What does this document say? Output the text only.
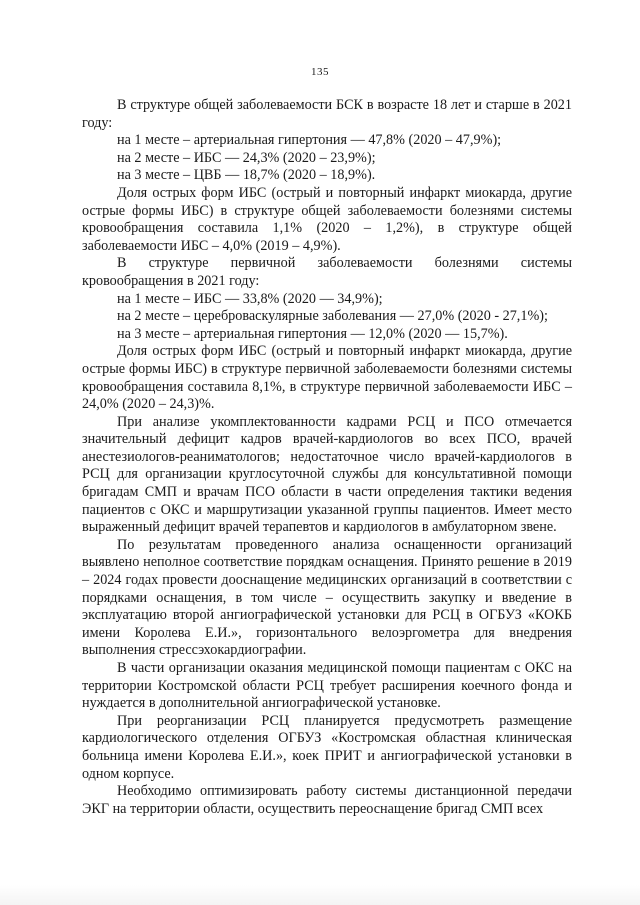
135

В структуре общей заболеваемости БСК в возрасте 18 лет и старше в 2021 году:

на 1 месте – артериальная гипертония — 47,8% (2020 – 47,9%);

на 2 месте – ИБС — 24,3% (2020 – 23,9%);

на 3 месте – ЦВБ — 18,7% (2020 – 18,9%).

Доля острых форм ИБС (острый и повторный инфаркт миокарда, другие острые формы ИБС) в структуре общей заболеваемости болезнями системы кровообращения составила 1,1% (2020 – 1,2%), в структуре общей заболеваемости ИБС – 4,0% (2019 – 4,9%).

В структуре первичной заболеваемости болезнями системы кровообращения в 2021 году:

на 1 месте – ИБС — 33,8% (2020 — 34,9%);

на 2 месте – цереброваскулярные заболевания — 27,0% (2020 - 27,1%);

на 3 месте – артериальная гипертония — 12,0% (2020 — 15,7%).

Доля острых форм ИБС (острый и повторный инфаркт миокарда, другие острые формы ИБС) в структуре первичной заболеваемости болезнями системы кровообращения составила 8,1%, в структуре первичной заболеваемости ИБС –24,0% (2020 – 24,3)%.

При анализе укомплектованности кадрами РСЦ и ПСО отмечается значительный дефицит кадров врачей-кардиологов во всех ПСО, врачей анестезиологов-реаниматологов; недостаточное число врачей-кардиологов в РСЦ для организации круглосуточной службы для консультативной помощи бригадам СМП и врачам ПСО области в части определения тактики ведения пациентов с ОКС и маршрутизации указанной группы пациентов. Имеет место выраженный дефицит врачей терапевтов и кардиологов в амбулаторном звене.

По результатам проведенного анализа оснащенности организаций выявлено неполное соответствие порядкам оснащения. Принято решение в 2019 – 2024 годах провести дооснащение медицинских организаций в соответствии с порядками оснащения, в том числе – осуществить закупку и введение в эксплуатацию второй ангиографической установки для РСЦ в ОГБУЗ «КОКБ имени Королева Е.И.», горизонтального велоэргометра для внедрения выполнения стрессэхокардиографии.

В части организации оказания медицинской помощи пациентам с ОКС на территории Костромской области РСЦ требует расширения коечного фонда и нуждается в дополнительной ангиографической установке.

При реорганизации РСЦ планируется предусмотреть размещение кардиологического отделения ОГБУЗ «Костромская областная клиническая больница имени Королева Е.И.», коек ПРИТ и ангиографической установки в одном корпусе.

Необходимо оптимизировать работу системы дистанционной передачи ЭКГ на территории области, осуществить переоснащение бригад СМП всех
